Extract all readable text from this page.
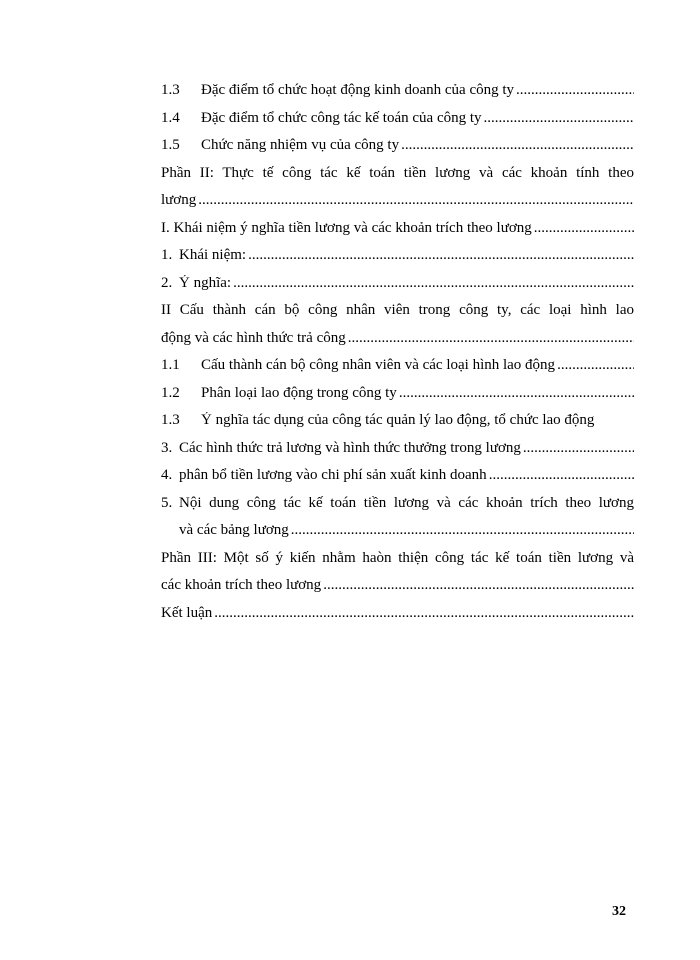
1.3	Đặc điểm tổ chức hoạt động kinh doanh của công ty
.....
1.4	Đặc điểm tổ chức công tác kế toán của công ty
.....
1.5	Chức năng nhiệm vụ của công ty
.....
Phần II: Thực tế công tác kế toán tiền lương và các khoản tính theo
lương
.....
I. Khái niệm ý nghĩa tiền lương và các khoản trích theo lương
.....
1. Khái niệm:
.....
2. Ý nghĩa:
.....
II Cấu thành cán bộ công nhân viên trong công ty, các loại hình lao
động và các hình thức trả công
.....
1.1	Cấu thành cán bộ công nhân viên và các loại hình lao động
.....
1.2	Phân loại lao động trong công ty
.....
1.3	Ý nghĩa tác dụng của công tác quản lý lao động, tổ chức lao động
3. Các hình thức trả lương và hình thức thưởng trong lương
.....
4. phân bổ tiền lương vào chi phí sản xuất kinh doanh
.....
5. Nội dung công tác kế toán tiền lương và các khoản trích theo lương
và các bảng lương
.....
Phần III: Một số ý kiến nhằm haòn thiện công tác kế toán tiền lương và
các khoản trích theo lương
.....
Kết luận
.....
32
